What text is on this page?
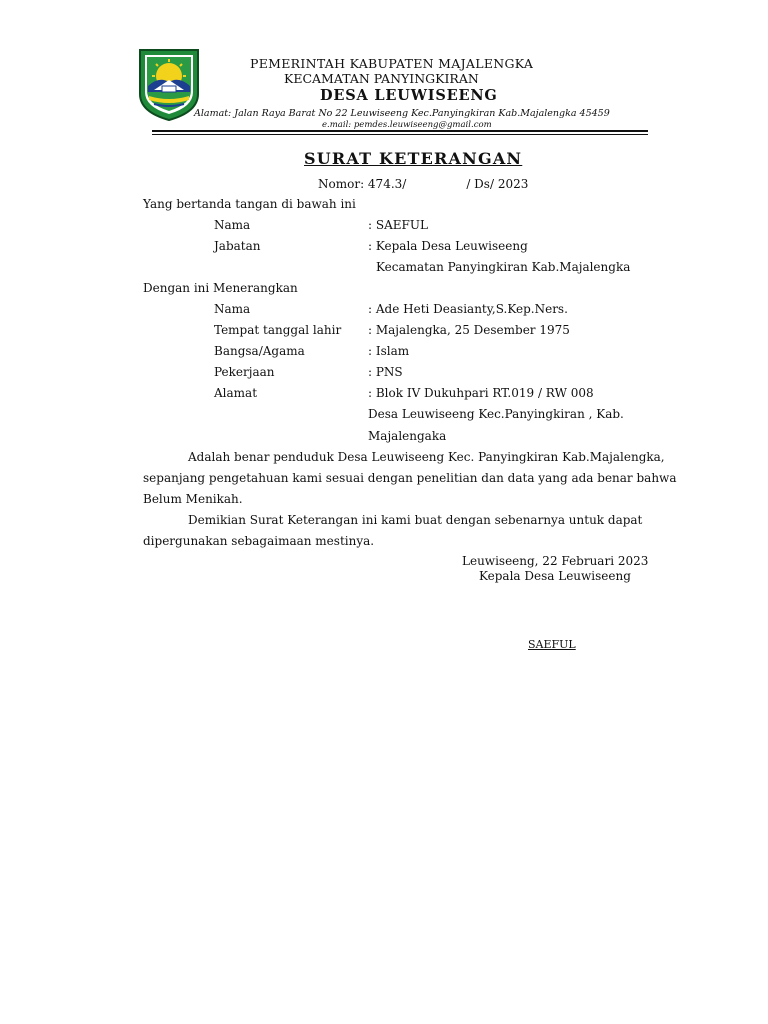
PEMERINTAH KABUPATEN MAJALENGKA
KECAMATAN PANYINGKIRAN
DESA LEUWISEENG
Alamat: Jalan Raya Barat No 22 Leuwiseeng Kec.Panyingkiran Kab.Majalengka 45459
e.mail: pemdes.leuwiseeng@gmail.com
SURAT KETERANGAN
Nomor: 474.3/	/ Ds/ 2023
Yang bertanda tangan di bawah ini
Nama	: SAEFUL
Jabatan	: Kepala Desa Leuwiseeng
Kecamatan Panyingkiran Kab.Majalengka
Dengan ini Menerangkan
Nama	: Ade Heti Deasianty,S.Kep.Ners.
Tempat tanggal lahir : Majalengka, 25 Desember 1975
Bangsa/Agama	: Islam
Pekerjaan	: PNS
Alamat	: Blok IV Dukuhpari RT.019 / RW 008
Desa Leuwiseeng Kec.Panyingkiran , Kab.
Majalengaka
Adalah benar penduduk Desa Leuwiseeng Kec. Panyingkiran Kab.Majalengka,
sepanjang pengetahuan kami sesuai dengan penelitian dan data yang ada benar bahwa
Belum Menikah.
Demikian Surat Keterangan ini kami buat dengan sebenarnya untuk dapat
dipergunakan sebagaimaan mestinya.
Leuwiseeng, 22 Februari 2023
Kepala Desa Leuwiseeng
SAEFUL
